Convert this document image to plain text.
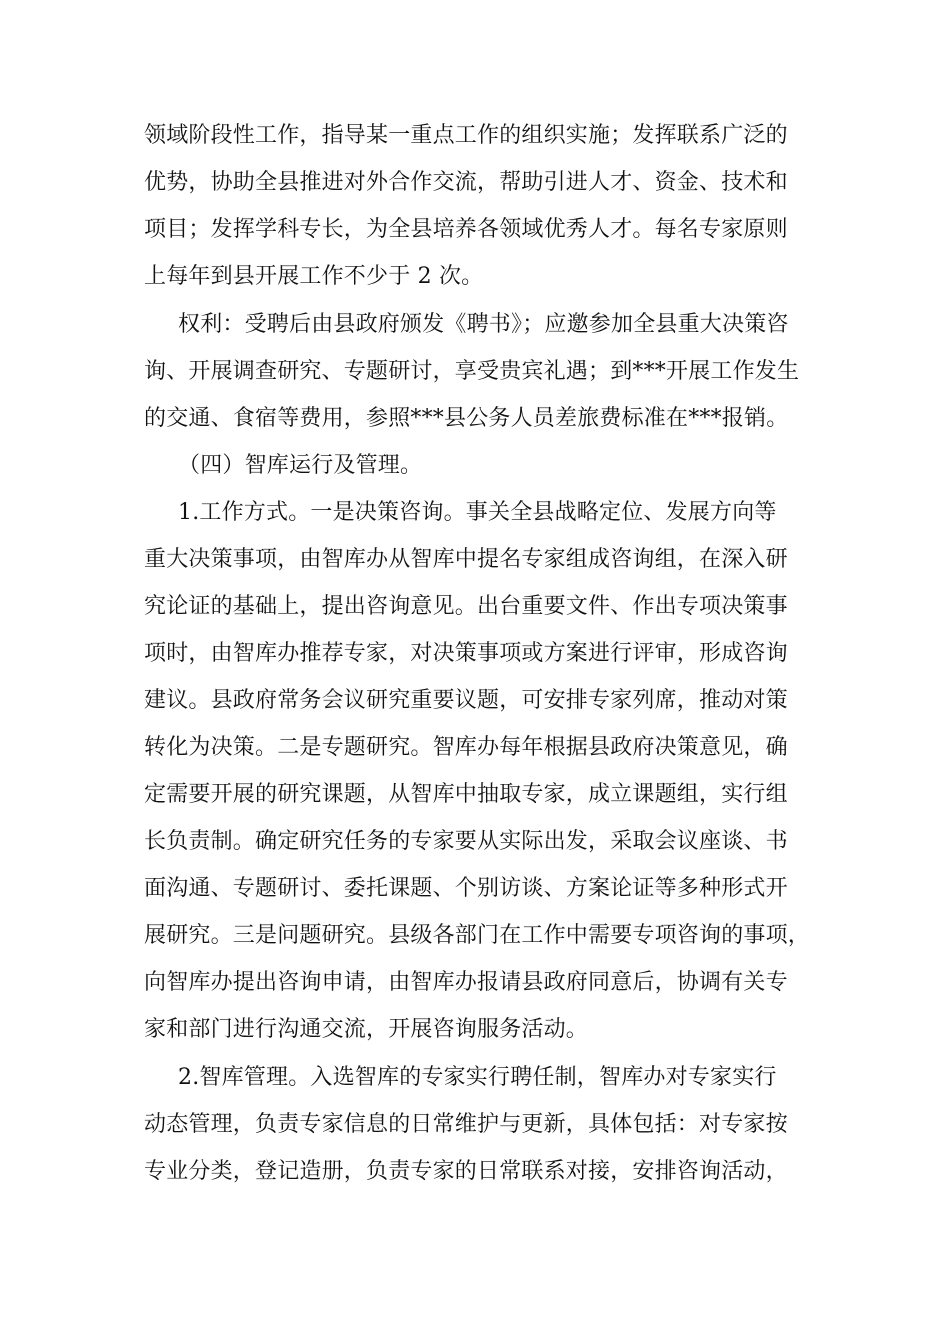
领域阶段性工作，指导某一重点工作的组织实施；发挥联系广泛的
优势，协助全县推进对外合作交流，帮助引进人才、资金、技术和
项目；发挥学科专长，为全县培养各领域优秀人才。每名专家原则
上每年到县开展工作不少于 2 次。
权利：受聘后由县政府颁发《聘书》；应邀参加全县重大决策咨
询、开展调查研究、专题研讨，享受贵宾礼遇；到***开展工作发生
的交通、食宿等费用，参照***县公务人员差旅费标准在***报销。
（四）智库运行及管理。
1.工作方式。一是决策咨询。事关全县战略定位、发展方向等
重大决策事项，由智库办从智库中提名专家组成咨询组，在深入研
究论证的基础上，提出咨询意见。出台重要文件、作出专项决策事
项时，由智库办推荐专家，对决策事项或方案进行评审，形成咨询
建议。县政府常务会议研究重要议题，可安排专家列席，推动对策
转化为决策。二是专题研究。智库办每年根据县政府决策意见，确
定需要开展的研究课题，从智库中抽取专家，成立课题组，实行组
长负责制。确定研究任务的专家要从实际出发，采取会议座谈、书
面沟通、专题研讨、委托课题、个别访谈、方案论证等多种形式开
展研究。三是问题研究。县级各部门在工作中需要专项咨询的事项，
向智库办提出咨询申请，由智库办报请县政府同意后，协调有关专
家和部门进行沟通交流，开展咨询服务活动。
2.智库管理。入选智库的专家实行聘任制，智库办对专家实行
动态管理，负责专家信息的日常维护与更新，具体包括：对专家按
专业分类，登记造册，负责专家的日常联系对接，安排咨询活动，
